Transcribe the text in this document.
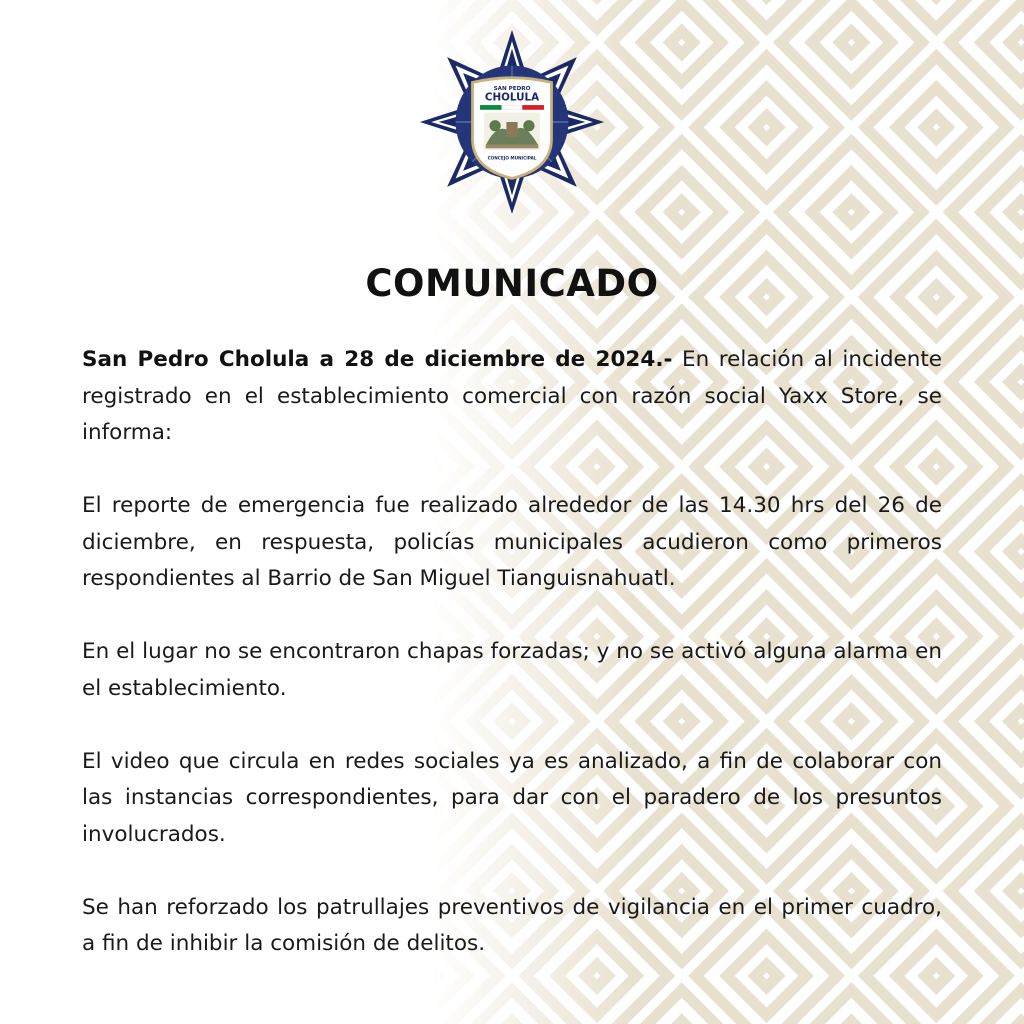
SAN PEDRO
CHOLULA
CONCEJO MUNICIPAL
COMUNICADO

San Pedro Cholula a 28 de diciembre de 2024.- En relación al incidente registrado en el establecimiento comercial con razón social Yaxx Store, se informa:

El reporte de emergencia fue realizado alrededor de las 14.30 hrs del 26 de diciembre, en respuesta, policías municipales acudieron como primeros respondientes al Barrio de San Miguel Tianguisnahuatl.

En el lugar no se encontraron chapas forzadas; y no se activó alguna alarma en el establecimiento.

El video que circula en redes sociales ya es analizado, a fin de colaborar con las instancias correspondientes, para dar con el paradero de los presuntos involucrados.

Se han reforzado los patrullajes preventivos de vigilancia en el primer cuadro, a fin de inhibir la comisión de delitos.
